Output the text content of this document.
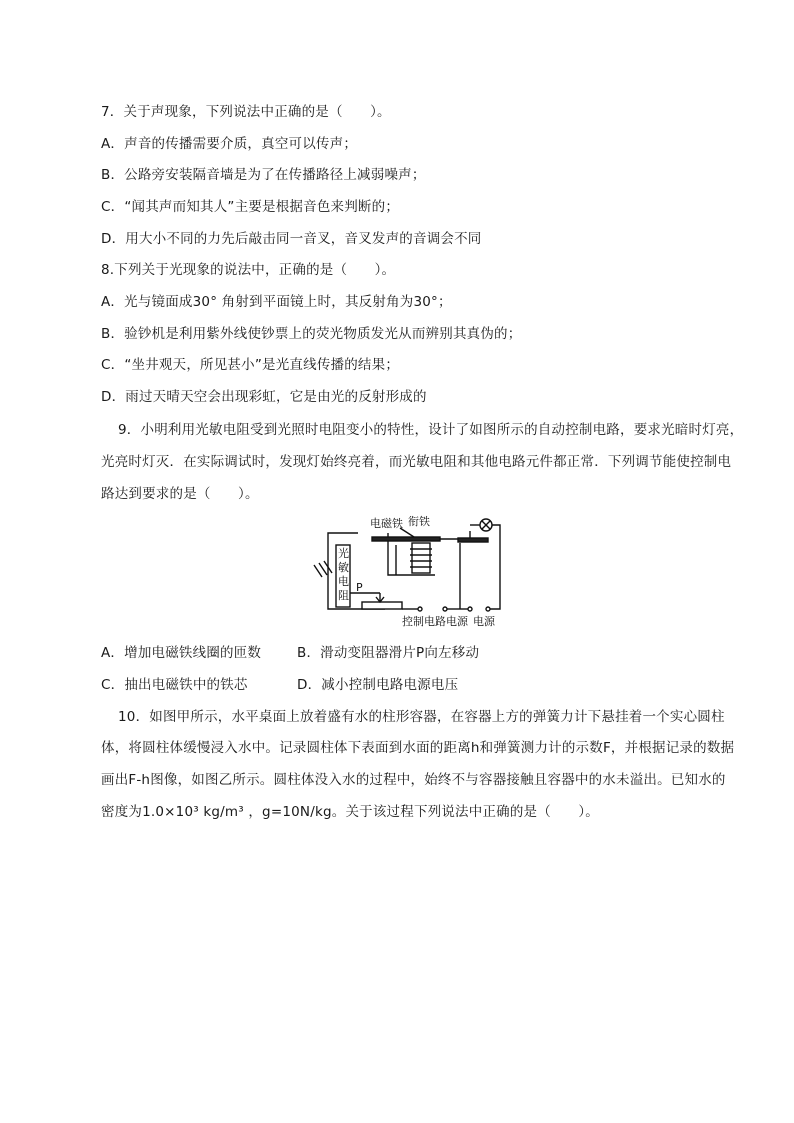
7．关于声现象，下列说法中正确的是（　　）。
A．声音的传播需要介质，真空可以传声；
B．公路旁安装隔音墙是为了在传播路径上减弱噪声；
C．“闻其声而知其人”主要是根据音色来判断的；
D．用大小不同的力先后敲击同一音叉，音叉发声的音调会不同
8.下列关于光现象的说法中，正确的是（　　）。
A．光与镜面成30° 角射到平面镜上时，其反射角为30°；
B．验钞机是利用紫外线使钞票上的荧光物质发光从而辨别其真伪的；
C．“坐井观天，所见甚小”是光直线传播的结果；
D．雨过天晴天空会出现彩虹，它是由光的反射形成的
9．小明利用光敏电阻受到光照时电阻变小的特性，设计了如图所示的自动控制电路，要求光暗时灯亮，
光亮时灯灭．在实际调试时，发现灯始终亮着，而光敏电阻和其他电路元件都正常．下列调节能使控制电
路达到要求的是（　　）。
电磁铁 衔铁
光
敏
电
阻
P
控制电路电源 电源
A．增加电磁铁线圈的匝数	B．滑动变阻器滑片P向左移动
C．抽出电磁铁中的铁芯	D．减小控制电路电源电压
10．如图甲所示，水平桌面上放着盛有水的柱形容器，在容器上方的弹簧力计下悬挂着一个实心圆柱
体，将圆柱体缓慢浸入水中。记录圆柱体下表面到水面的距离h和弹簧测力计的示数F，并根据记录的数据
画出F-h图像，如图乙所示。圆柱体没入水的过程中，始终不与容器接触且容器中的水未溢出。已知水的
密度为1.0×10³ kg/m³ ，g=10N/kg。关于该过程下列说法中正确的是（　　）。
